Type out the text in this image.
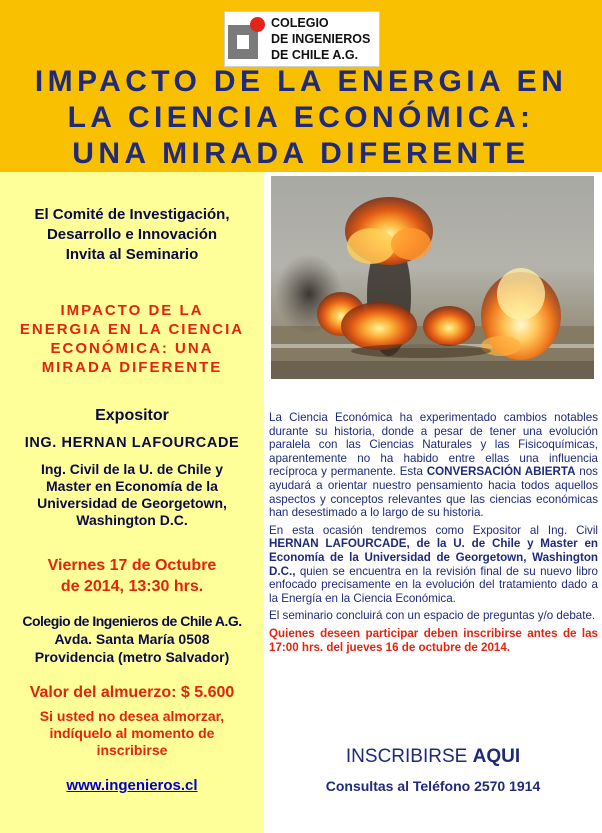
COLEGIO
DE INGENIEROS
DE CHILE A.G.
IMPACTO DE LA ENERGIA EN
LA CIENCIA ECONÓMICA:
UNA MIRADA DIFERENTE
El Comité de Investigación,
Desarrollo e Innovación
Invita al Seminario
IMPACTO DE LA
ENERGIA EN LA CIENCIA
ECONÓMICA: UNA
MIRADA DIFERENTE
Expositor
ING. HERNAN LAFOURCADE
Ing. Civil de la U. de Chile y
Master en Economía de la
Universidad de Georgetown,
Washington D.C.
Viernes 17 de Octubre
de 2014, 13:30 hrs.
Colegio de Ingenieros de Chile A.G.
Avda. Santa María 0508
Providencia (metro Salvador)
Valor del almuerzo: $ 5.600
Si usted no desea almorzar,
indíquelo al momento de
inscribirse
www.ingenieros.cl

La Ciencia Económica ha experimentado cambios notables durante su historia, donde a pesar de tener una evolución paralela con las Ciencias Naturales y las Fisicoquímicas, aparentemente no ha habido entre ellas una influencia recíproca y permanente. Esta CONVERSACIÓN ABIERTA nos ayudará a orientar nuestro pensamiento hacia todos aquellos aspectos y conceptos relevantes que las ciencias económicas han desestimado a lo largo de su historia.

En esta ocasión tendremos como Expositor al Ing. Civil HERNAN LAFOURCADE, de la U. de Chile y Master en Economía de la Universidad de Georgetown, Washington D.C., quien se encuentra en la revisión final de su nuevo libro enfocado precisamente en la evolución del tratamiento dado a la Energía en la Ciencia Económica.

El seminario concluirá con un espacio de preguntas y/o debate.

Quienes deseen participar deben inscribirse antes de las 17:00 hrs. del jueves 16 de octubre de 2014.

INSCRIBIRSE AQUI
Consultas al Teléfono 2570 1914
